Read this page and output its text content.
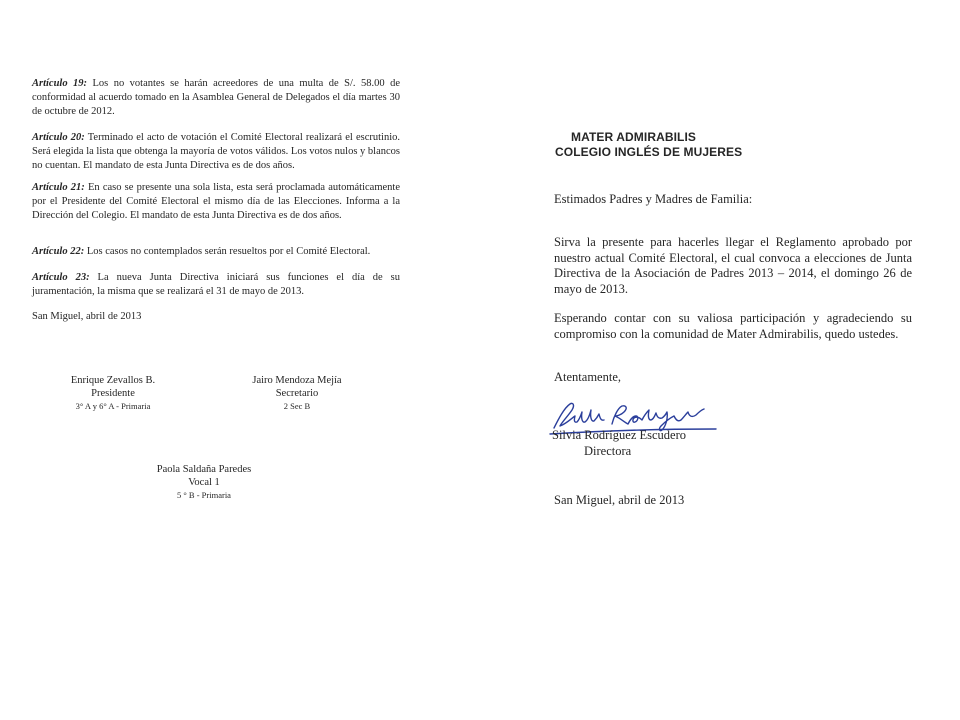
Artículo 19: Los no votantes se harán acreedores de una multa de S/. 58.00 de conformidad al acuerdo tomado en la Asamblea General de Delegados el día martes 30 de octubre de 2012.

Artículo 20: Terminado el acto de votación el Comité Electoral realizará el escrutinio. Será elegida la lista que obtenga la mayoría de votos válidos. Los votos nulos y blancos no cuentan. El mandato de esta Junta Directiva es de dos años.

Artículo 21: En caso se presente una sola lista, esta será proclamada automáticamente por el Presidente del Comité Electoral el mismo día de las Elecciones. Informa a la Dirección del Colegio. El mandato de esta Junta Directiva es de dos años.

Artículo 22: Los casos no contemplados serán resueltos por el Comité Electoral.

Artículo 23: La nueva Junta Directiva iniciará sus funciones el día de su juramentación, la misma que se realizará el 31 de mayo de 2013.

San Miguel, abril de 2013
Enrique Zevallos B.
Presidente
3° A y 6° A - Primaria
Jairo Mendoza Mejía
Secretario
2 Sec B
Paola Saldaña Paredes
Vocal 1
5 ° B - Primaria
MATER ADMIRABILIS
COLEGIO INGLÉS DE MUJERES
Estimados Padres y Madres de Familia:

Sirva la presente para hacerles llegar el Reglamento aprobado por nuestro actual Comité Electoral, el cual convoca a elecciones de Junta Directiva de la Asociación de Padres 2013 – 2014, el domingo 26 de mayo de 2013.

Esperando contar con su valiosa participación y agradeciendo su compromiso con la comunidad de Mater Admirabilis, quedo ustedes.

Atentamente,
Silvia Rodríguez Escudero
Directora
San Miguel, abril de 2013
